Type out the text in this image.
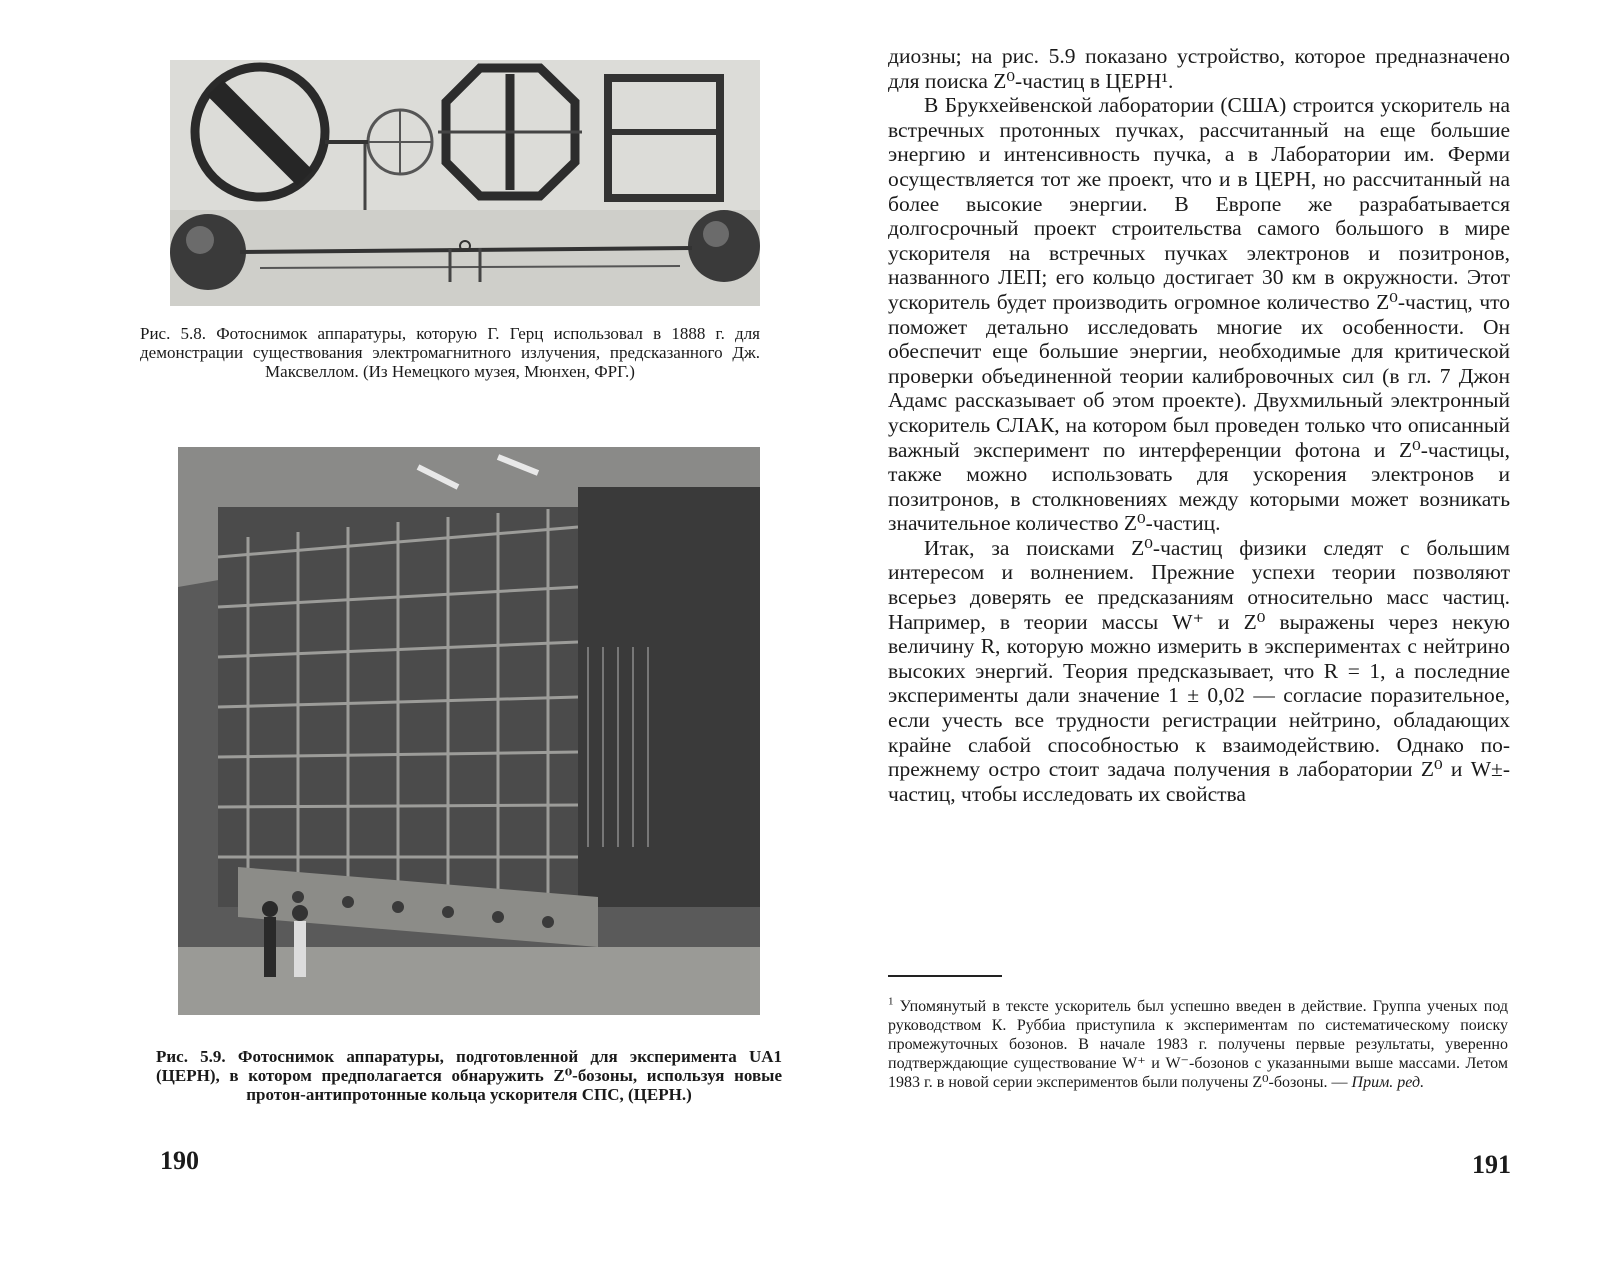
Рис. 5.8. Фотоснимок аппаратуры, которую Г. Герц использовал в 1888 г. для демонстрации существования электромагнитного излучения, предсказанного Дж. Максвеллом. (Из Немецкого музея, Мюнхен, ФРГ.)
Рис. 5.9. Фотоснимок аппаратуры, подготовленной для эксперимента UA1 (ЦЕРН), в котором предполагается обнаружить Z⁰-бозоны, используя новые протон-антипротонные кольца ускорителя СПС, (ЦЕРН.)
190

диозны; на рис. 5.9 показано устройство, которое предназначено для поиска Z⁰-частиц в ЦЕРН¹.

В Брукхейвенской лаборатории (США) строится ускоритель на встречных протонных пучках, рассчитанный на еще большие энергию и интенсивность пучка, а в Лаборатории им. Ферми осуществляется тот же проект, что и в ЦЕРН, но рассчитанный на более высокие энергии. В Европе же разрабатывается долгосрочный проект строительства самого большого в мире ускорителя на встречных пучках электронов и позитронов, названного ЛЕП; его кольцо достигает 30 км в окружности. Этот ускоритель будет производить огромное количество Z⁰-частиц, что поможет детально исследовать многие их особенности. Он обеспечит еще большие энергии, необходимые для критической проверки объединенной теории калибровочных сил (в гл. 7 Джон Адамс рассказывает об этом проекте). Двухмильный электронный ускоритель СЛАК, на котором был проведен только что описанный важный эксперимент по интерференции фотона и Z⁰-частицы, также можно использовать для ускорения электронов и позитронов, в столкновениях между которыми может возникать значительное количество Z⁰-частиц.

Итак, за поисками Z⁰-частиц физики следят с большим интересом и волнением. Прежние успехи теории позволяют всерьез доверять ее предсказаниям относительно масс частиц. Например, в теории массы W⁺ и Z⁰ выражены через некую величину R, которую можно измерить в экспериментах с нейтрино высоких энергий. Теория предсказывает, что R = 1, а последние эксперименты дали значение 1 ± 0,02 — согласие поразительное, если учесть все трудности регистрации нейтрино, обладающих крайне слабой способностью к взаимодействию. Однако по-прежнему остро стоит задача получения в лаборатории Z⁰ и W±-частиц, чтобы исследовать их свойства

$^1$ Упомянутый в тексте ускоритель был успешно введен в действие. Группа ученых под руководством К. Руббиа приступила к экспериментам по систематическому поиску промежуточных бозонов. В начале 1983 г. получены первые результаты, уверенно подтверждающие существование W⁺ и W⁻-бозонов с указанными выше массами. Летом 1983 г. в новой серии экспериментов были получены Z⁰-бозоны. — Прим. ред.
191
